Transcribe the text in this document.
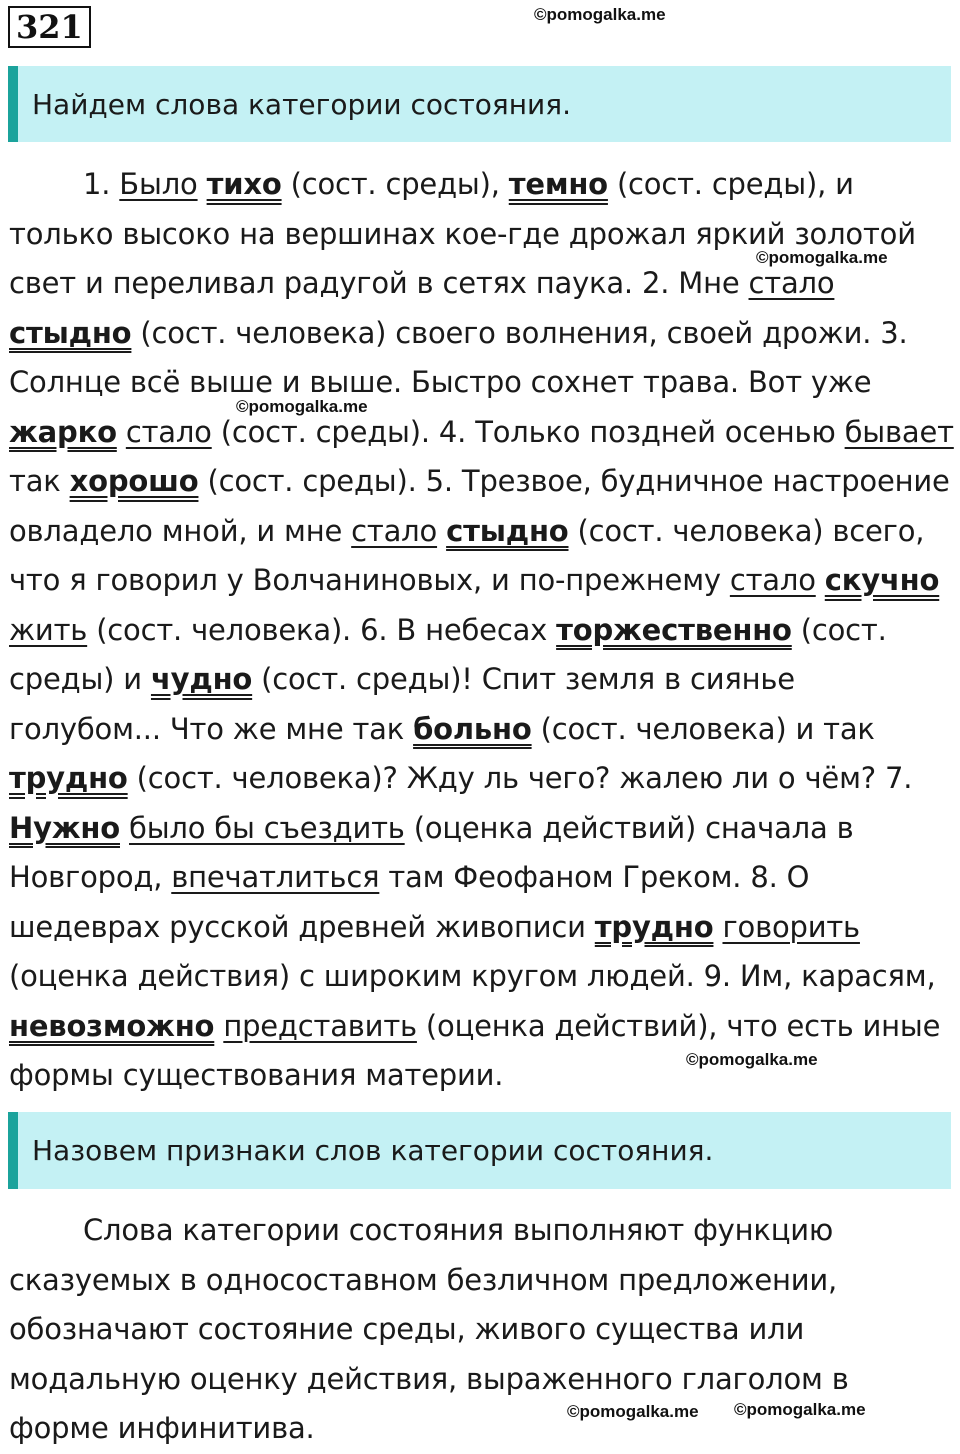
321	©pomogalka.me
©pomogalka.me
©pomogalka.me
©pomogalka.me
©pomogalka.me ©pomogalka.me
Найдем слова категории состояния.

1. Было тихо (сост. среды), темно (сост. среды), и только высоко на вершинах кое-где дрожал яркий золотой свет и переливал радугой в сетях паука. 2. Мне стало стыдно (сост. человека) своего волнения, своей дрожи. 3. Солнце всё выше и выше. Быстро сохнет трава. Вот уже жарко стало (сост. среды). 4. Только поздней осенью бывает так хорошо (сост. среды). 5. Трезвое, будничное настроение овладело мной, и мне стало стыдно (сост. человека) всего, что я говорил у Волчаниновых, и по-прежнему стало скучно жить (сост. человека). 6. В небесах торжественно (сост. среды) и чудно (сост. среды)! Спит земля в сиянье голубом... Что же мне так больно (сост. человека) и так трудно (сост. человека)? Жду ль чего? жалею ли о чём? 7. Нужно было бы съездить (оценка действий) сначала в Новгород, впечатлиться там Феофаном Греком. 8. О шедеврах русской древней живописи трудно говорить (оценка действия) с широким кругом людей. 9. Им, карасям, невозможно представить (оценка действий), что есть иные формы существования материи.

Назовем признаки слов категории состояния.

Слова категории состояния выполняют функцию сказуемых в односоставном безличном предложении, обозначают состояние среды, живого существа или модальную оценку действия, выраженного глаголом в форме инфинитива.
